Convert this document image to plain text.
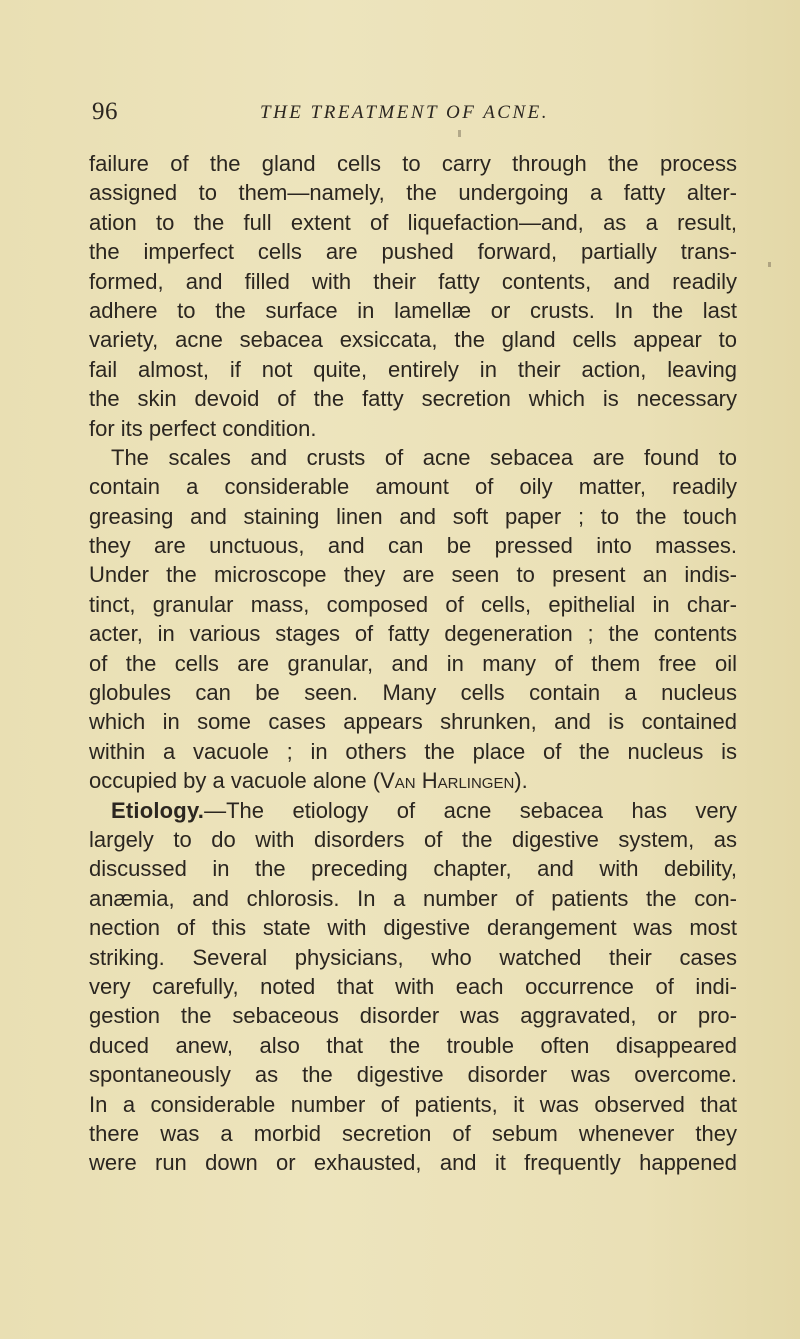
96	THE TREATMENT OF ACNE.
failure of the gland cells to carry through the process
assigned to them—namely, the undergoing a fatty alter-
ation to the full extent of liquefaction—and, as a result,
the imperfect cells are pushed forward, partially trans-
formed, and filled with their fatty contents, and readily
adhere to the surface in lamellæ or crusts. In the last
variety, acne sebacea exsiccata, the gland cells appear to
fail almost, if not quite, entirely in their action, leaving
the skin devoid of the fatty secretion which is necessary
for its perfect condition.
The scales and crusts of acne sebacea are found to
contain a considerable amount of oily matter, readily
greasing and staining linen and soft paper ; to the touch
they are unctuous, and can be pressed into masses.
Under the microscope they are seen to present an indis-
tinct, granular mass, composed of cells, epithelial in char-
acter, in various stages of fatty degeneration ; the contents
of the cells are granular, and in many of them free oil
globules can be seen. Many cells contain a nucleus
which in some cases appears shrunken, and is contained
within a vacuole ; in others the place of the nucleus is
occupied by a vacuole alone (Van Harlingen).
Etiology.—The etiology of acne sebacea has very
largely to do with disorders of the digestive system, as
discussed in the preceding chapter, and with debility,
anæmia, and chlorosis. In a number of patients the con-
nection of this state with digestive derangement was most
striking. Several physicians, who watched their cases
very carefully, noted that with each occurrence of indi-
gestion the sebaceous disorder was aggravated, or pro-
duced anew, also that the trouble often disappeared
spontaneously as the digestive disorder was overcome.
In a considerable number of patients, it was observed that
there was a morbid secretion of sebum whenever they
were run down or exhausted, and it frequently happened
